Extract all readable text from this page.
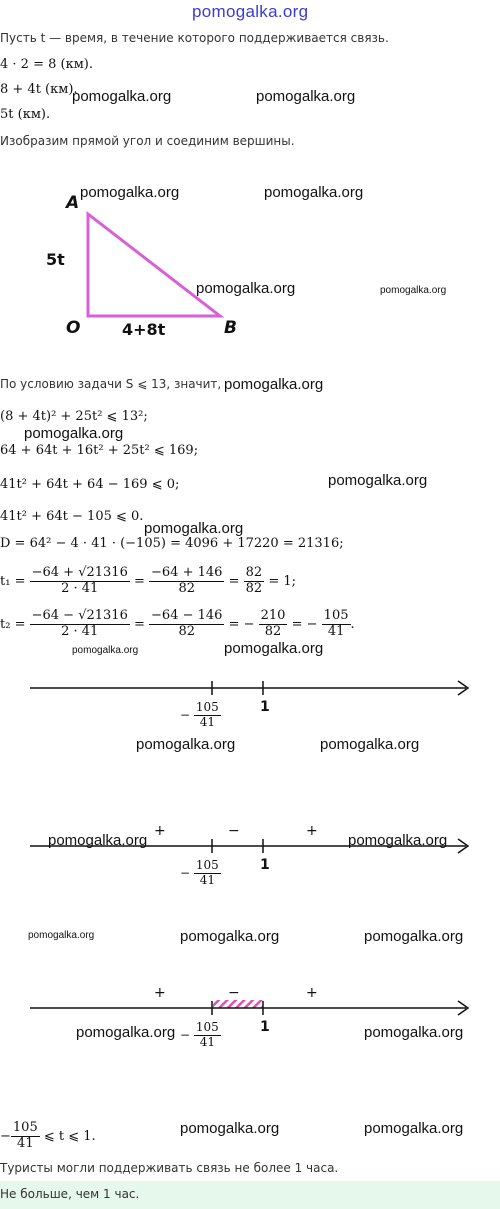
pomogalka.org
Пусть t — время, в течение которого поддерживается связь.
4 · 2 = 8 (км).
8 + 4t (км).
5t (км).
Изобразим прямой угол и соединим вершины.
A
O	B
5t
4+8t
По условию задачи S ⩽ 13, значит,
(8 + 4t)² + 25t² ⩽ 13²;
64 + 64t + 16t² + 25t² ⩽ 169;
41t² + 64t + 64 − 169 ⩽ 0;
41t² + 64t − 105 ⩽ 0.
D = 64² − 4 · 41 · (−105) = 4096 + 17220 = 21316;
$t_1 = \frac{-64 + √21316}{2 \cdot 41} = \frac{-64 + 146}{82} = \frac{82}{82} = 1$;
$t_2 = \frac{-64 - √21316}{2 \cdot 41} = \frac{-64 - 146}{82}$ = − $\frac{210}{82}$ = − $\frac{105}{41}$ .
− $\frac{105}{41}$	1
+	−	+
− $\frac{105}{41}$	1
+	−	+
− $\frac{105}{41}$	1
− $\frac{105}{41}$ ⩽ t ⩽ 1.
Туристы могли поддерживать связь не более 1 часа.
Не больше, чем 1 час.
pomogalka.org	pomogalka.org
pomogalka.org	pomogalka.org
pomogalka.org	pomogalka.org
pomogalka.org
pomogalka.org
pomogalka.org
pomogalka.org
pomogalka.org	pomogalka.org
pomogalka.org	pomogalka.org
pomogalka.org	pomogalka.org
pomogalka.org	pomogalka.org	pomogalka.org
pomogalka.org	pomogalka.org
pomogalka.org	pomogalka.org
